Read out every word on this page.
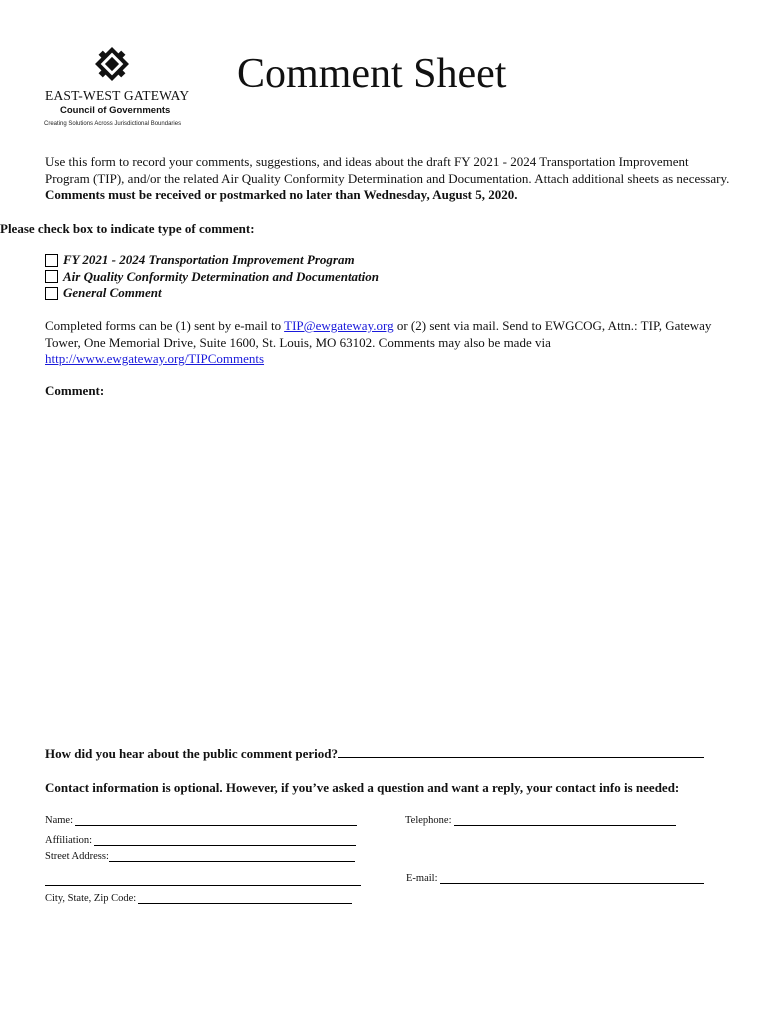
EAST-WEST GATEWAY
Council of Governments
Creating Solutions Across Jurisdictional Boundaries
Comment Sheet
Use this form to record your comments, suggestions, and ideas about the draft FY 2021 - 2024 Transportation Improvement Program (TIP), and/or the related Air Quality Conformity Determination and Documentation. Attach additional sheets as necessary. Comments must be received or postmarked no later than Wednesday, August 5, 2020.
Please check box to indicate type of comment:
FY 2021 - 2024 Transportation Improvement Program
Air Quality Conformity Determination and Documentation
General Comment
Completed forms can be (1) sent by e-mail to TIP@ewgateway.org or (2) sent via mail. Send to EWGCOG, Attn.: TIP, Gateway Tower, One Memorial Drive, Suite 1600, St. Louis, MO 63102. Comments may also be made via http://www.ewgateway.org/TIPComments
Comment:
How did you hear about the public comment period?
Contact information is optional. However, if you’ve asked a question and want a reply, your contact info is needed:
Name:	Telephone:
Affiliation:
Street Address:
E-mail:
City, State, Zip Code:
